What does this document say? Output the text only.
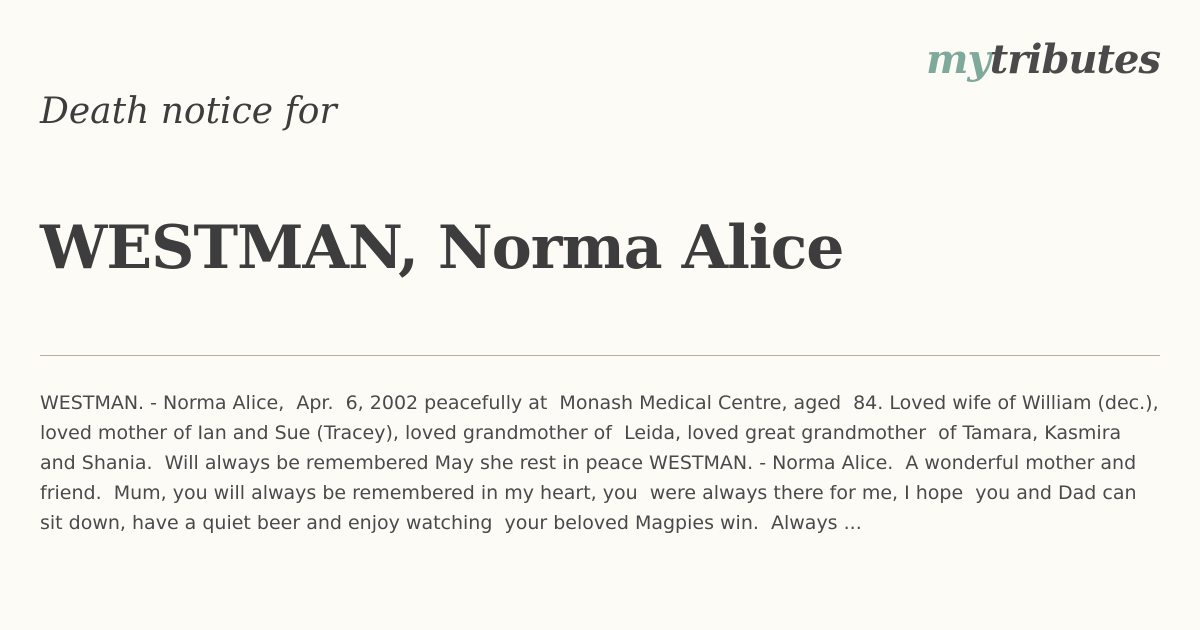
mytributes
Death notice for
WESTMAN, Norma Alice

WESTMAN. - Norma Alice,  Apr.  6, 2002 peacefully at  Monash Medical Centre, aged  84. Loved wife of William (dec.),  loved mother of Ian and Sue (Tracey), loved grandmother of  Leida, loved great grandmother  of Tamara, Kasmira and Shania.  Will always be remembered May she rest in peace WESTMAN. - Norma Alice.  A wonderful mother and friend.  Mum, you will always be remembered in my heart, you  were always there for me, I hope  you and Dad can sit down, have a quiet beer and enjoy watching  your beloved Magpies win.  Always ...
